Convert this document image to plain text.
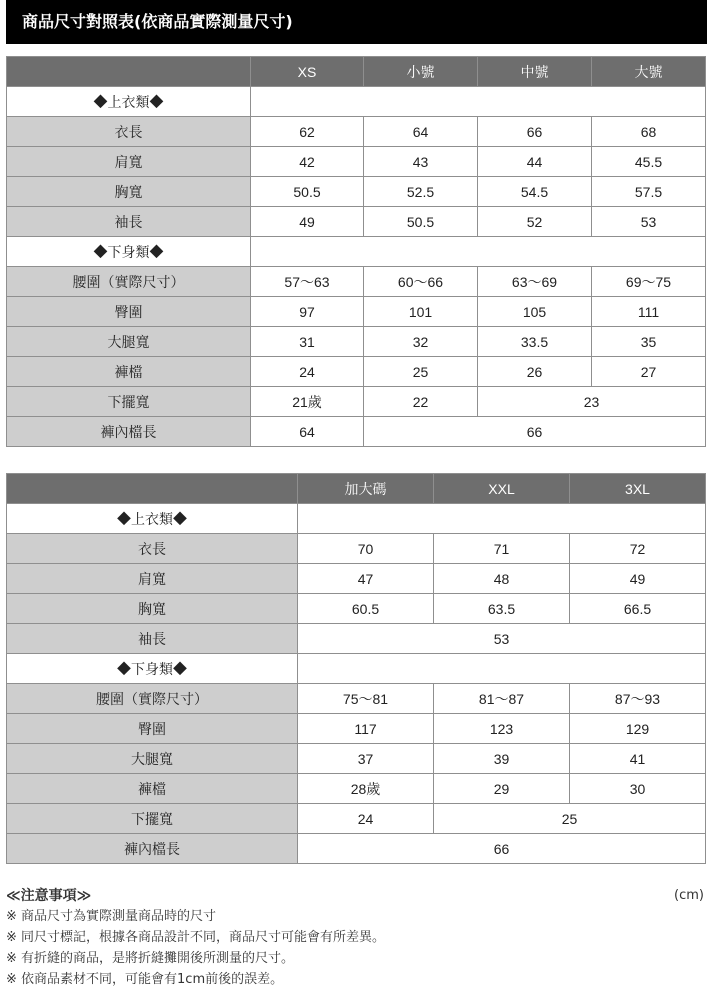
商品尺寸對照表(依商品實際測量尺寸)
	XS	小號	中號	大號
◆上衣類◆				
衣長	62	64	66	68
肩寬	42	43	44	45.5
胸寬	50.5	52.5	54.5	57.5
袖長	49	50.5	52	53
◆下身類◆				
腰圍（實際尺寸）	57～63	60～66	63～69	69～75
臀圍	97	101	105	111
大腿寬	31	32	33.5	35
褲檔	24	25	26	27
下擺寬	21歲	22	23	
褲內檔長	64	66		
	加大碼	XXL	3XL
◆上衣類◆			
衣長	70	71	72
肩寬	47	48	49
胸寬	60.5	63.5	66.5
袖長	53		
◆下身類◆			
腰圍（實際尺寸）	75～81	81～87	87～93
臀圍	117	123	129
大腿寬	37	39	41
褲檔	28歲	29	30
下擺寬	24	25	
褲內檔長	66		
≪注意事項≫	(cm)
※ 商品尺寸為實際測量商品時的尺寸
※ 同尺寸標記，根據各商品設計不同，商品尺寸可能會有所差異。
※ 有折縫的商品，是將折縫攤開後所測量的尺寸。
※ 依商品素材不同，可能會有1cm前後的誤差。
